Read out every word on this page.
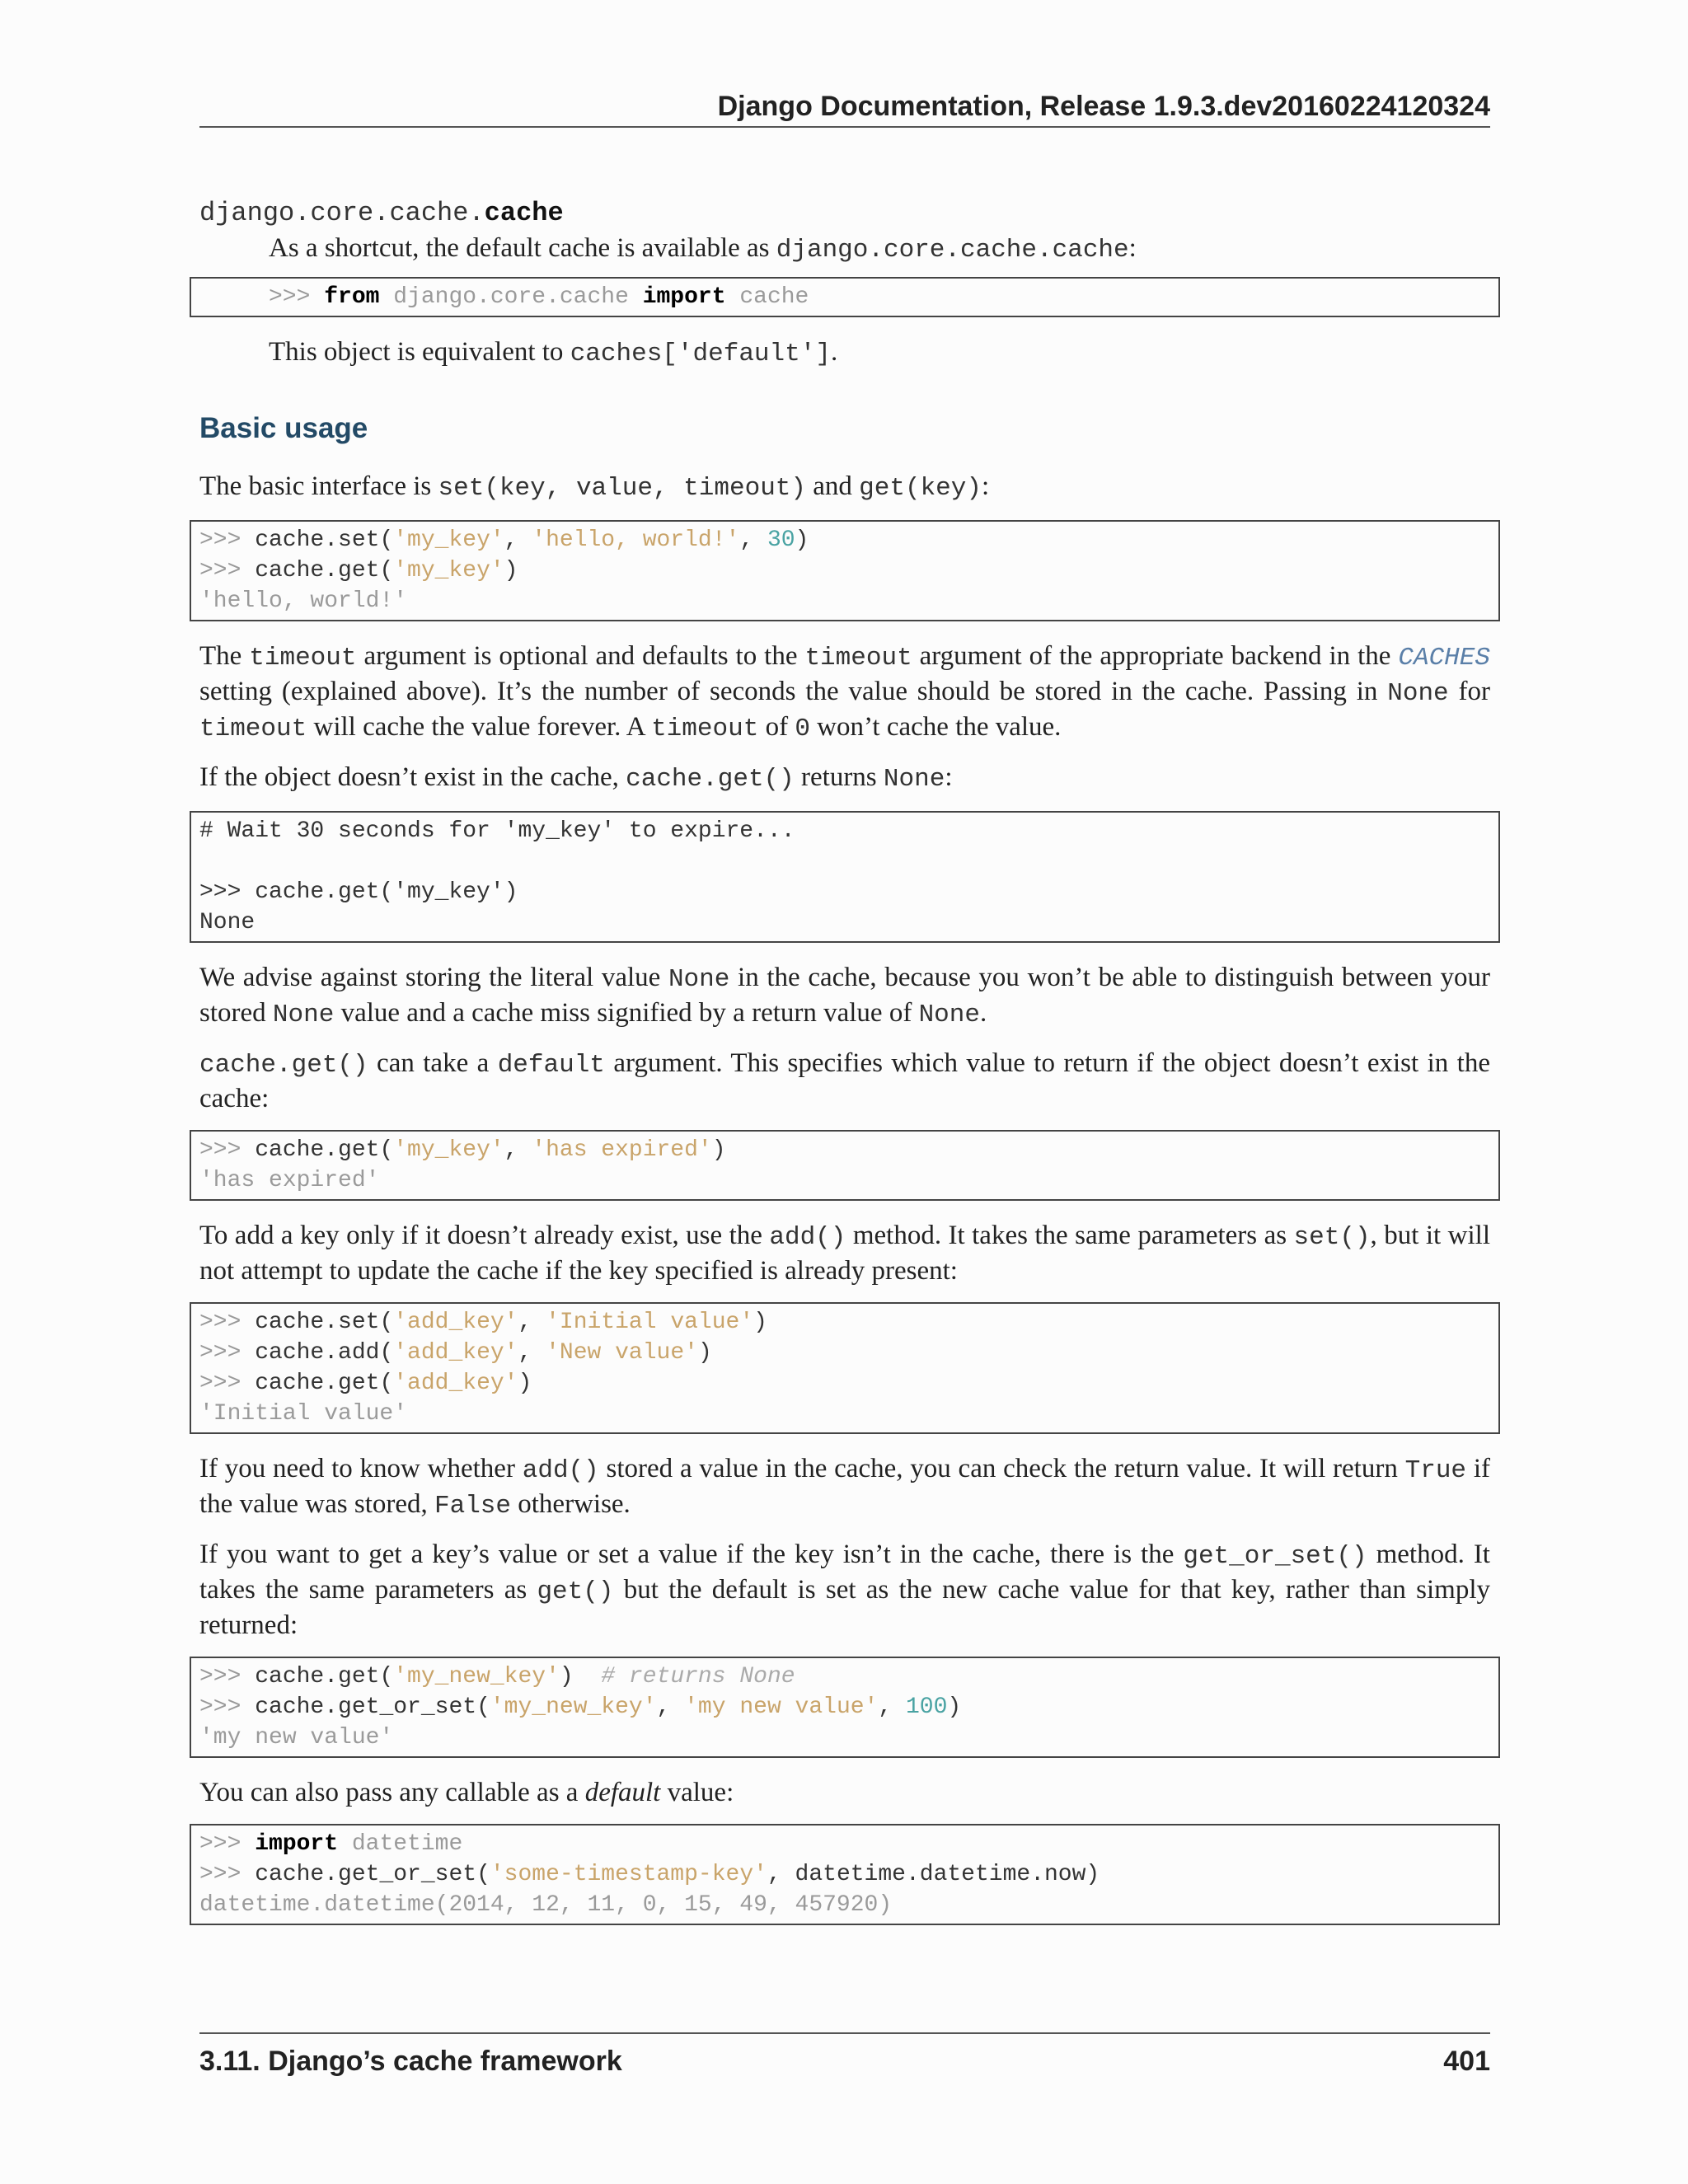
Django Documentation, Release 1.9.3.dev20160224120324
django.core.cache.cache
As a shortcut, the default cache is available as django.core.cache.cache:
>>> from django.core.cache import cache
This object is equivalent to caches['default'].
Basic usage

The basic interface is set(key, value, timeout) and get(key):

>>> cache.set('my_key', 'hello, world!', 30)
>>> cache.get('my_key')
'hello, world!'

The timeout argument is optional and defaults to the timeout argument of the appropriate backend in the CACHES setting (explained above). It’s the number of seconds the value should be stored in the cache. Passing in None for timeout will cache the value forever. A timeout of 0 won’t cache the value.

If the object doesn’t exist in the cache, cache.get() returns None:

# Wait 30 seconds for 'my_key' to expire...
>>> cache.get('my_key')
None

We advise against storing the literal value None in the cache, because you won’t be able to distinguish between your stored None value and a cache miss signified by a return value of None.

cache.get() can take a default argument. This specifies which value to return if the object doesn’t exist in the cache:

>>> cache.get('my_key', 'has expired')
'has expired'

To add a key only if it doesn’t already exist, use the add() method. It takes the same parameters as set(), but it will not attempt to update the cache if the key specified is already present:

>>> cache.set('add_key', 'Initial value')
>>> cache.add('add_key', 'New value')
>>> cache.get('add_key')
'Initial value'

If you need to know whether add() stored a value in the cache, you can check the return value. It will return True if the value was stored, False otherwise.

If you want to get a key’s value or set a value if the key isn’t in the cache, there is the get_or_set() method. It takes the same parameters as get() but the default is set as the new cache value for that key, rather than simply returned:

>>> cache.get('my_new_key')  # returns None
>>> cache.get_or_set('my_new_key', 'my new value', 100)
'my new value'

You can also pass any callable as a default value:

>>> import datetime
>>> cache.get_or_set('some-timestamp-key', datetime.datetime.now)
datetime.datetime(2014, 12, 11, 0, 15, 49, 457920)
3.11. Django’s cache framework	401
